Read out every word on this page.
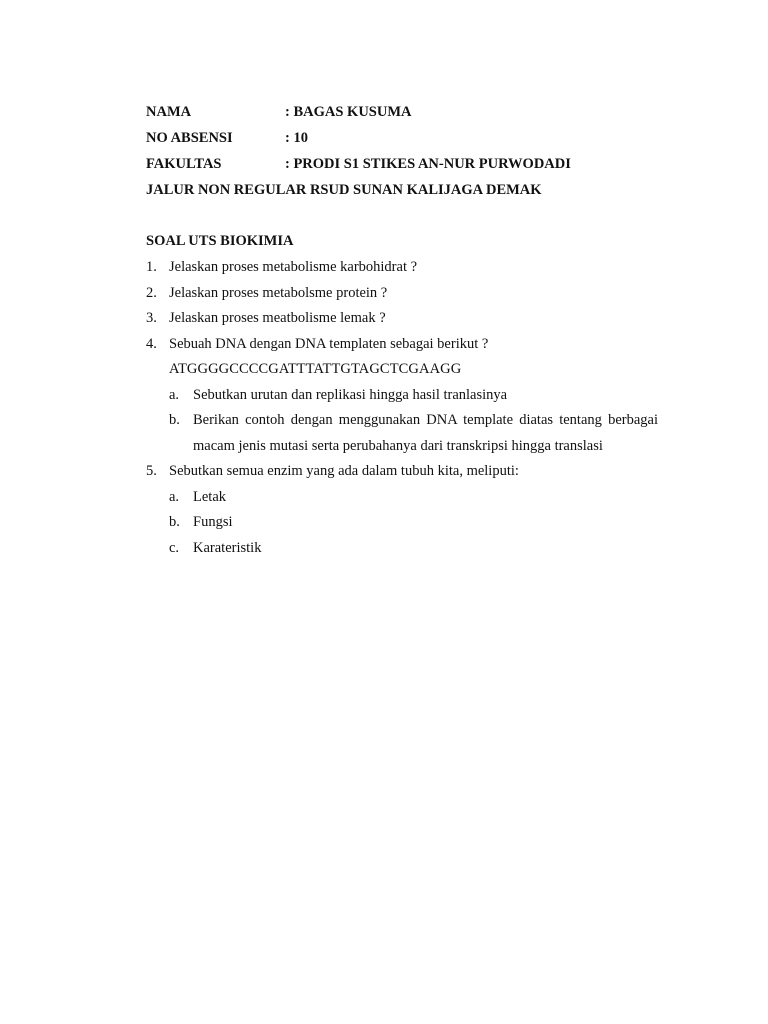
NAMA	: BAGAS KUSUMA
NO ABSENSI	: 10
FAKULTAS	: PRODI S1 STIKES AN-NUR PURWODADI
JALUR NON REGULAR RSUD SUNAN KALIJAGA DEMAK
SOAL UTS BIOKIMIA
1. Jelaskan proses metabolisme karbohidrat ?
2. Jelaskan proses metabolsme protein ?
3. Jelaskan proses meatbolisme lemak ?
4. Sebuah DNA dengan DNA templaten sebagai berikut ?
ATGGGGCCCCGATTTATTGTAGCTCGAAGG
a. Sebutkan urutan dan replikasi hingga hasil tranlasinya
b. Berikan contoh dengan menggunakan DNA template diatas tentang berbagai macam jenis mutasi serta perubahanya dari transkripsi hingga translasi
5. Sebutkan semua enzim yang ada dalam tubuh kita, meliputi:
a. Letak
b. Fungsi
c. Karateristik
